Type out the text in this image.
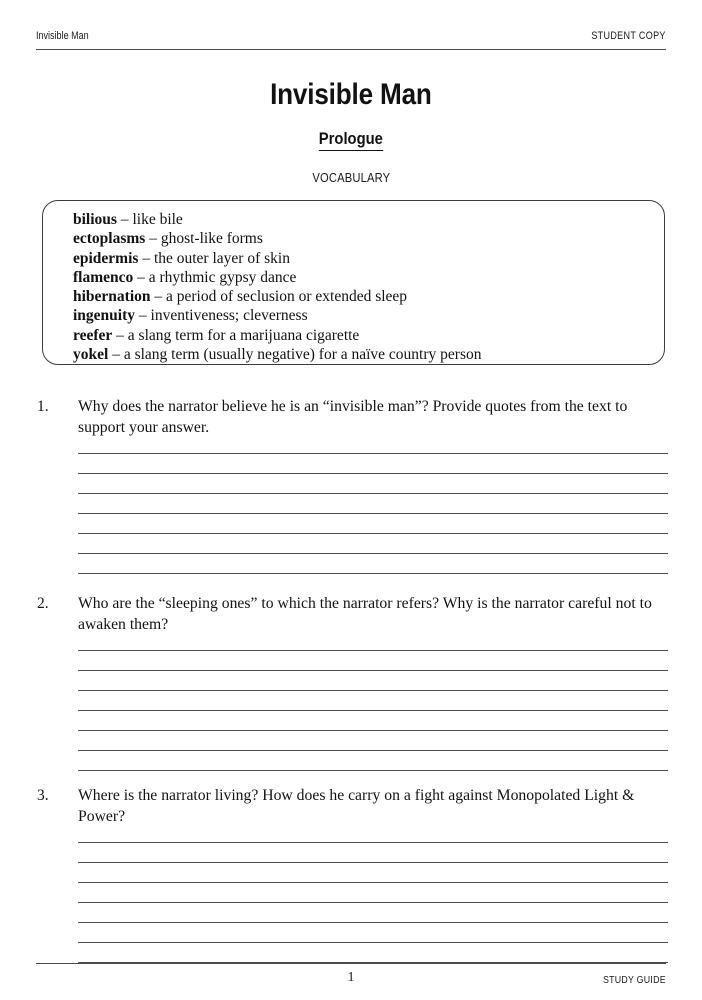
Invisible Man	STUDENT COPY
Invisible Man
Prologue
VOCABULARY
bilious – like bile
ectoplasms – ghost-like forms
epidermis – the outer layer of skin
flamenco – a rhythmic gypsy dance
hibernation – a period of seclusion or extended sleep
ingenuity – inventiveness; cleverness
reefer – a slang term for a marijuana cigarette
yokel – a slang term (usually negative) for a naïve country person
1. Why does the narrator believe he is an “invisible man”? Provide quotes from the text to support your answer.
2. Who are the “sleeping ones” to which the narrator refers? Why is the narrator careful not to awaken them?
3. Where is the narrator living? How does he carry on a fight against Monopolated Light & Power?
1	STUDY GUIDE
